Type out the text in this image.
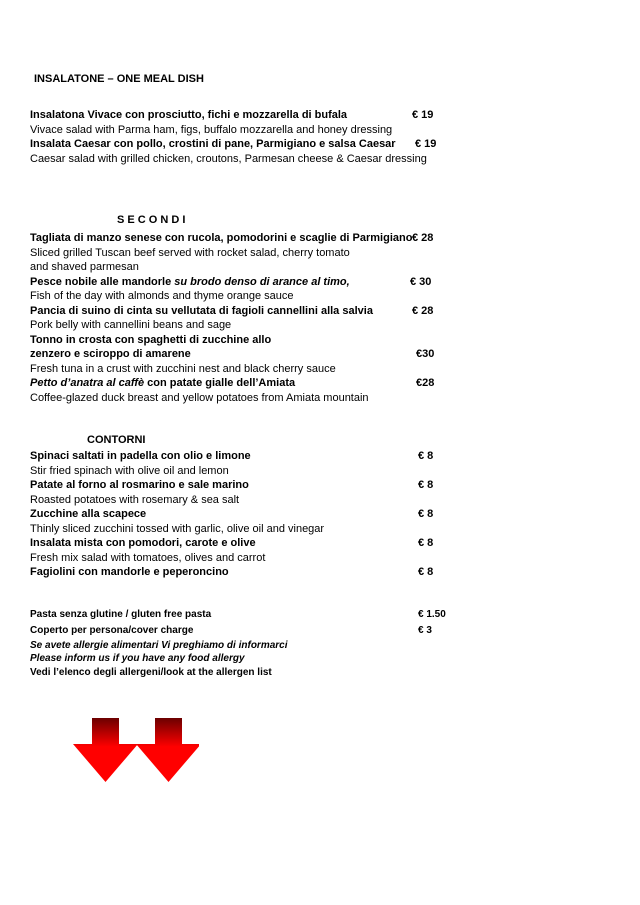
INSALATONE – ONE MEAL DISH
Insalatona Vivace con prosciutto, fichi e mozzarella di bufala	€ 19
Vivace salad with Parma ham, figs, buffalo mozzarella and honey dressing
Insalata Caesar con pollo, crostini di pane, Parmigiano e salsa Caesar € 19
Caesar salad with grilled chicken, croutons, Parmesan cheese & Caesar dressing
S E C O N D I
Tagliata di manzo senese con rucola, pomodorini e scaglie di Parmigiano € 28
Sliced grilled Tuscan beef served with rocket salad, cherry tomato
and shaved parmesan
Pesce nobile alle mandorle su brodo denso di arance al timo,	€ 30
Fish of the day with almonds and thyme orange sauce
Pancia di suino di cinta su vellutata di fagioli cannellini alla salvia	€ 28
Pork belly with cannellini beans and sage
Tonno in crosta con spaghetti di zucchine allo
zenzero e sciroppo di amarene	€30
Fresh tuna in a crust with zucchini nest and black cherry sauce
Petto d’anatra al caffè con patate gialle dell’Amiata	€28
Coffee-glazed duck breast and yellow potatoes from Amiata mountain
CONTORNI
Spinaci saltati in padella con olio e limone	€ 8
Stir fried spinach with olive oil and lemon
Patate al forno al rosmarino e sale marino	€ 8
Roasted potatoes with rosemary & sea salt
Zucchine alla scapece	€ 8
Thinly sliced zucchini tossed with garlic, olive oil and vinegar
Insalata mista con pomodori, carote e olive	€ 8
Fresh mix salad with tomatoes, olives and carrot
Fagiolini con mandorle e peperoncino	€ 8
Pasta senza glutine / gluten free pasta	€ 1.50
Coperto per persona/cover charge	€ 3
Se avete allergie alimentari Vi preghiamo di informarci
Please inform us if you have any food allergy
Vedi l’elenco degli allergeni/look at the allergen list
